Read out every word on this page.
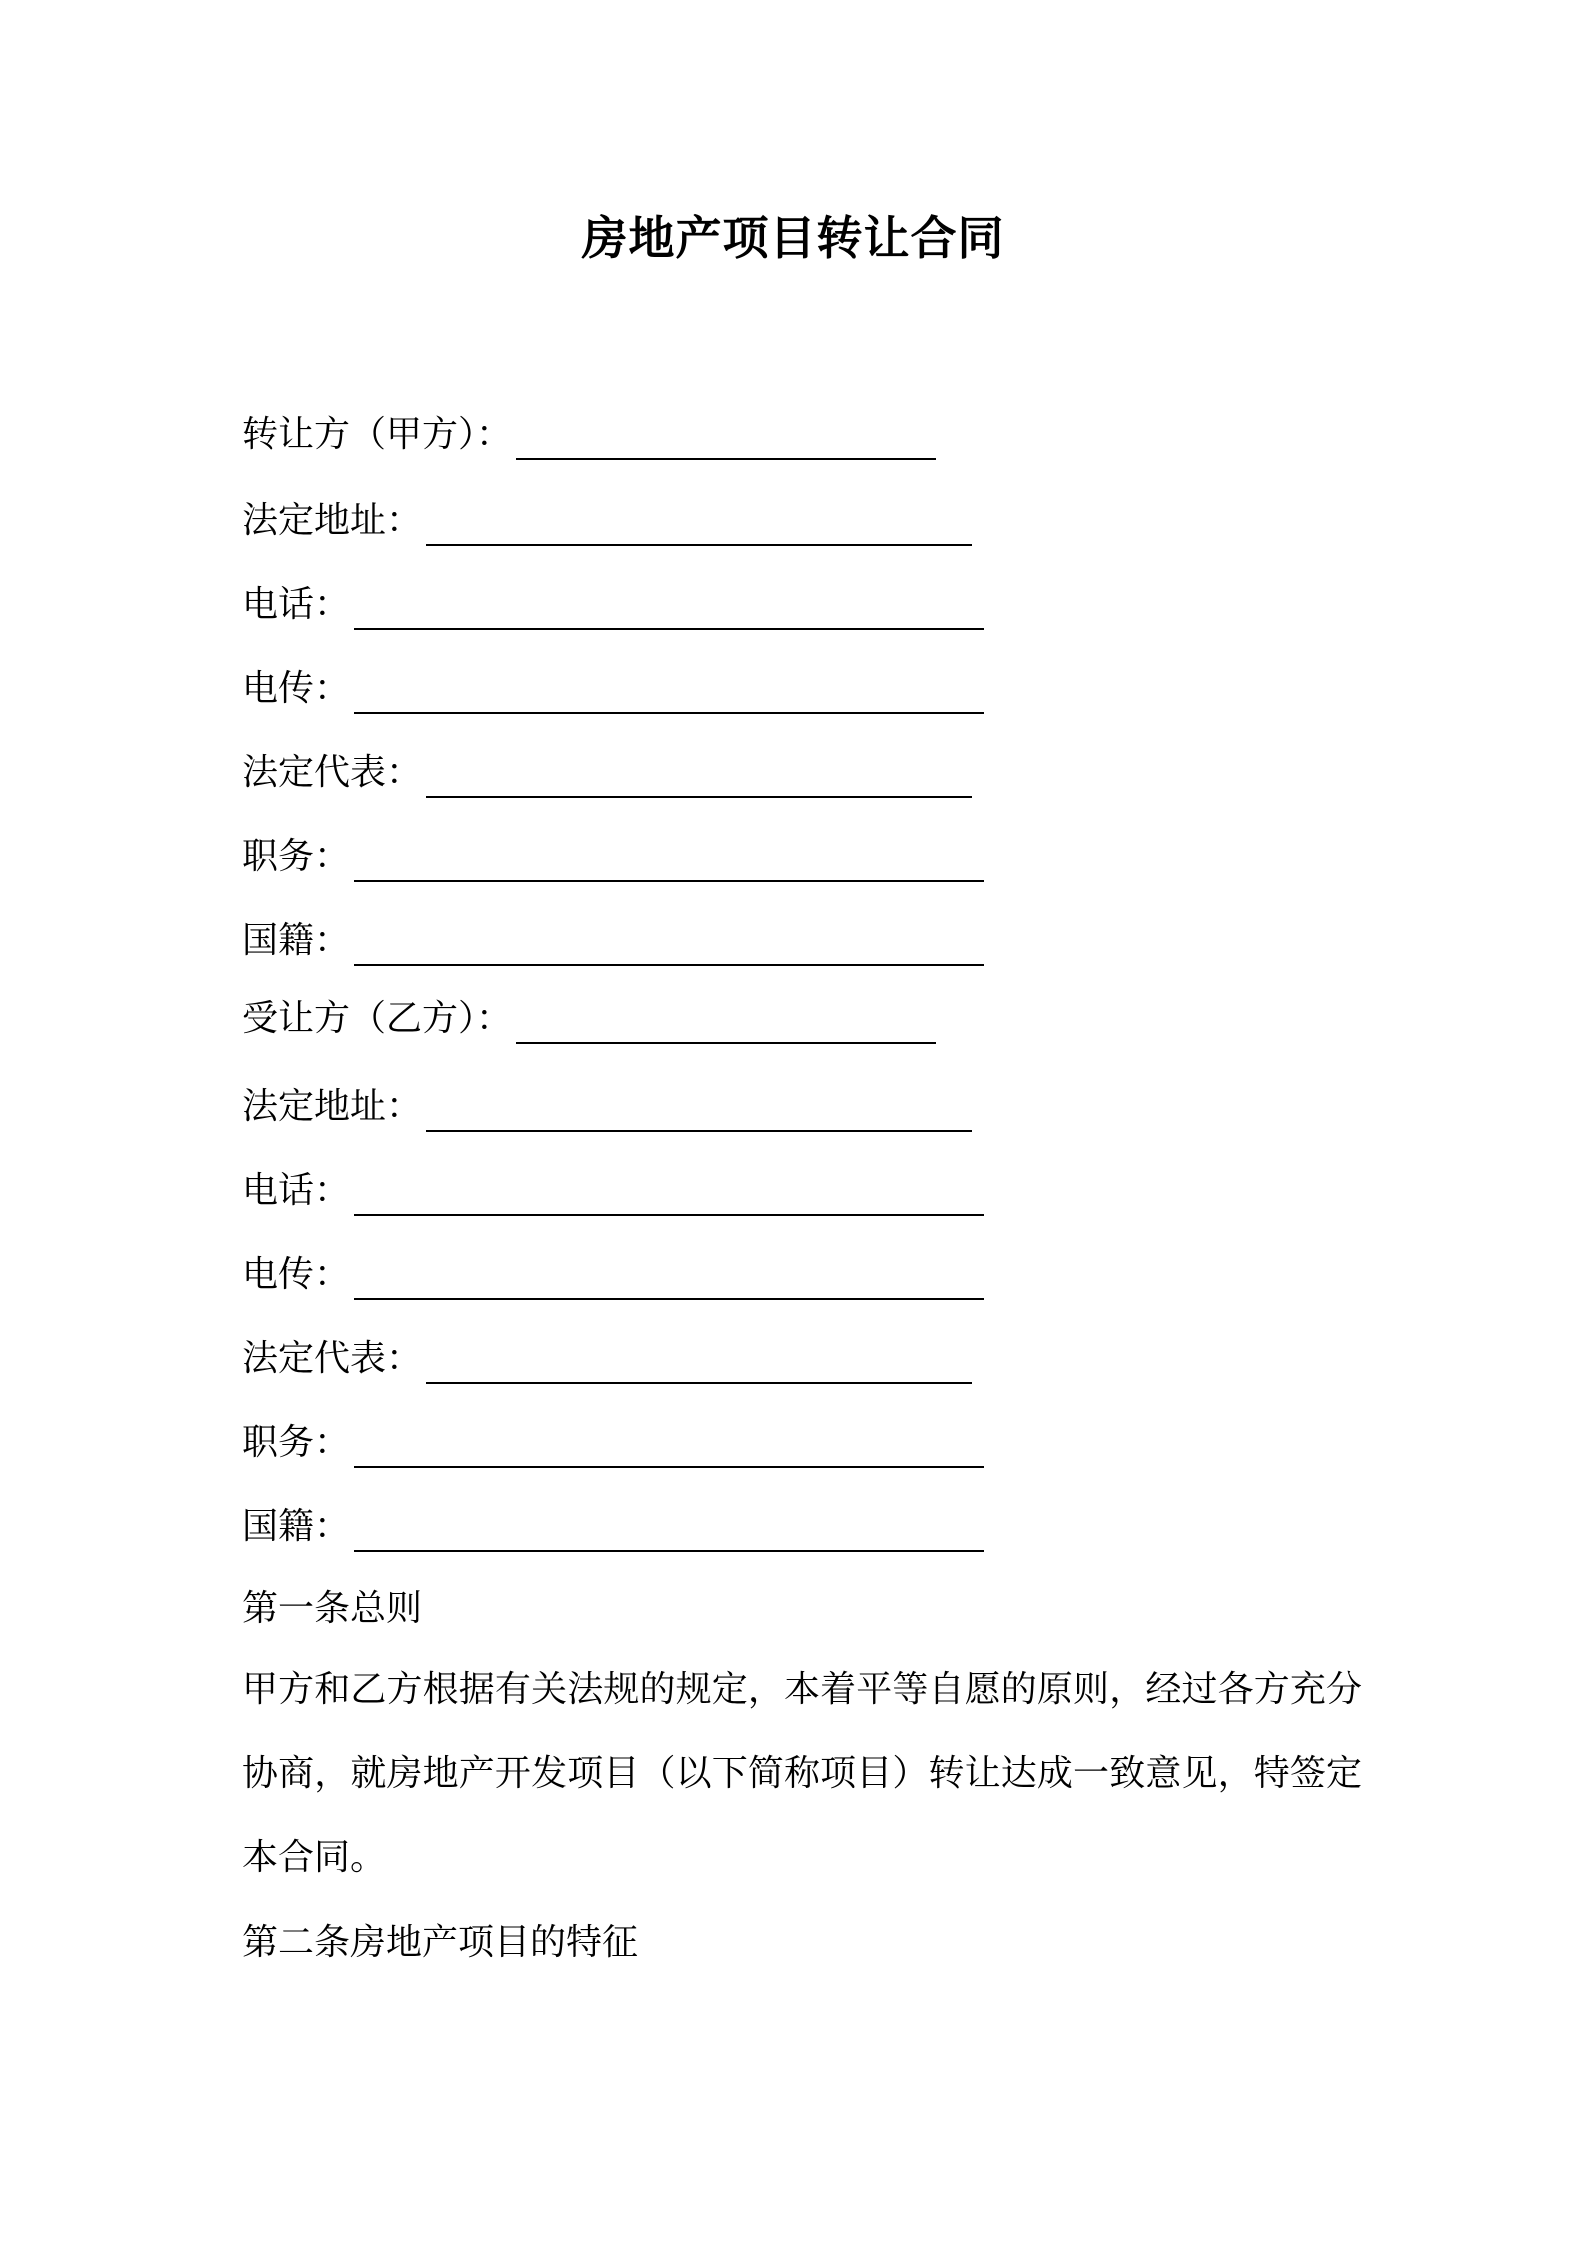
房地产项目转让合同
转让方（甲方）：
法定地址：
电话：
电传：
法定代表：
职务：
国籍：
受让方（乙方）：
法定地址：
电话：
电传：
法定代表：
职务：
国籍：
第一条总则
甲方和乙方根据有关法规的规定，本着平等自愿的原则，经过各方充分协商，就房地产开发项目（以下简称项目）转让达成一致意见，特签定本合同。
第二条房地产项目的特征
